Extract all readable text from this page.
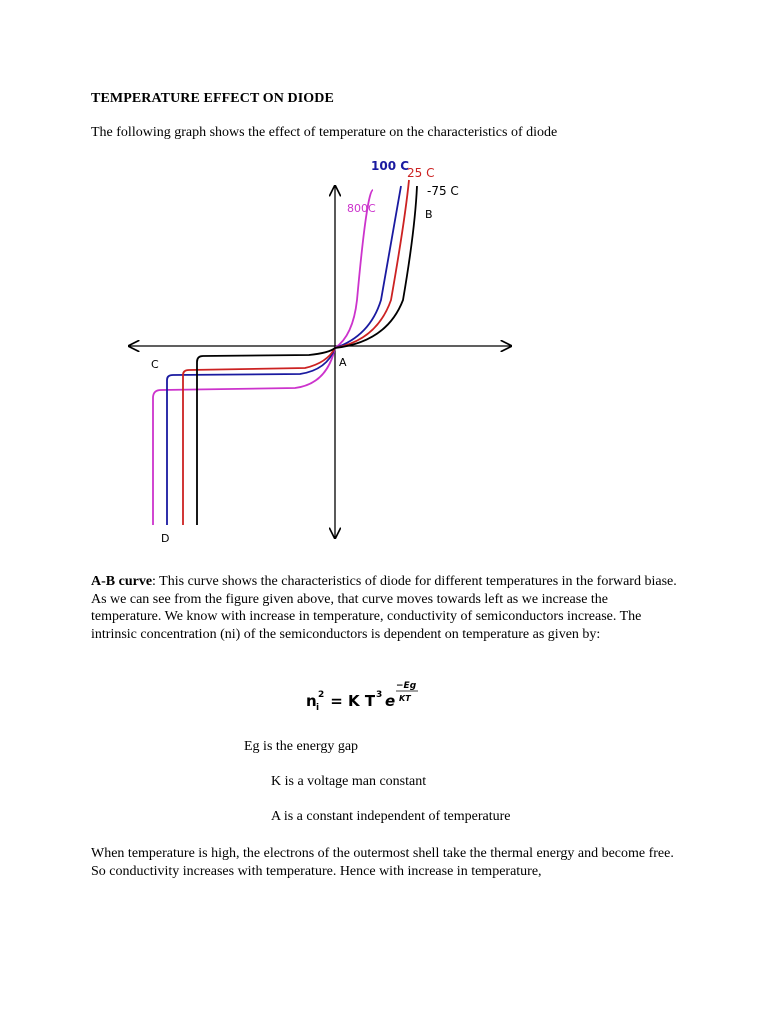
TEMPERATURE EFFECT ON DIODE
The following graph shows the effect of temperature on the characteristics of diode
100 C
25 C
-75 C
800C	B
A
C
D
A-B curve: This curve shows the characteristics of diode for different temperatures in the forward biase. As we can see from the figure given above, that curve moves towards left as we increase the temperature. We know with increase in temperature, conductivity of semiconductors increase. The intrinsic concentration (ni) of the semiconductors is dependent on temperature as given by:
n i
2 = K T 3 e
−Eg
KT
Eg is the energy gap
K is a voltage man constant
A is a constant independent of temperature
When temperature is high, the electrons of the outermost shell take the thermal energy and become free. So conductivity increases with temperature. Hence with increase in temperature,
